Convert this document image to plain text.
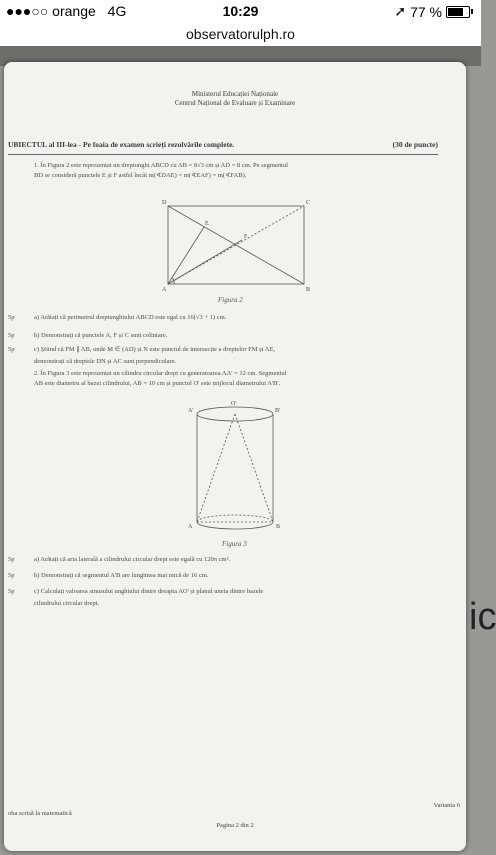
●●●○○ orange 4G	10:29	➚ 77 %
observatorulph.ro
ic
Ministerul Educației Naționale
Centrul Național de Evaluare și Examinare
UBIECTUL al III-lea - Pe foaia de examen scrieți rezolvările complete.	(30 de puncte)
1. În Figura 2 este reprezentat un dreptunghi ABCD cu AB = 8√3 cm și AD = 8 cm. Pe segmentul
BD se consideră punctele E și F astfel încât m(∢DAE) = m(∢EAF) = m(∢FAB).
D	C
E
F
A	B
Figura 2
5p	a) Arătați că perimetrul dreptunghiului ABCD este egal cu 16(√3 + 1) cm.
5p	b) Demonstrați că punctele A, F și C sunt coliniare.
5p	c) Știind că FM ∥ AB, unde M ∈ (AD) și N este punctul de intersecție a dreptelor FM și AE,
demonstrați că dreptele DN și AC sunt perpendiculare.
2. În Figura 3 este reprezentat un cilindru circular drept cu generatoarea AA' = 12 cm. Segmentul
AB este diametru al bazei cilindrului, AB = 10 cm și punctul O' este mijlocul diametrului A'B'.
A'
O'
B'
A	B
Figura 3
5p	a) Arătați că aria laterală a cilindrului circular drept este egală cu 120π cm².
5p	b) Demonstrați că segmentul A'B are lungimea mai mică de 16 cm.
5p	c) Calculați valoarea sinusului unghiului dintre dreapta AO' și planul uneia dintre bazele
cilindrului circular drept.
oba scrisă la matematică
Pagina 2 din 2
Varianta 6
